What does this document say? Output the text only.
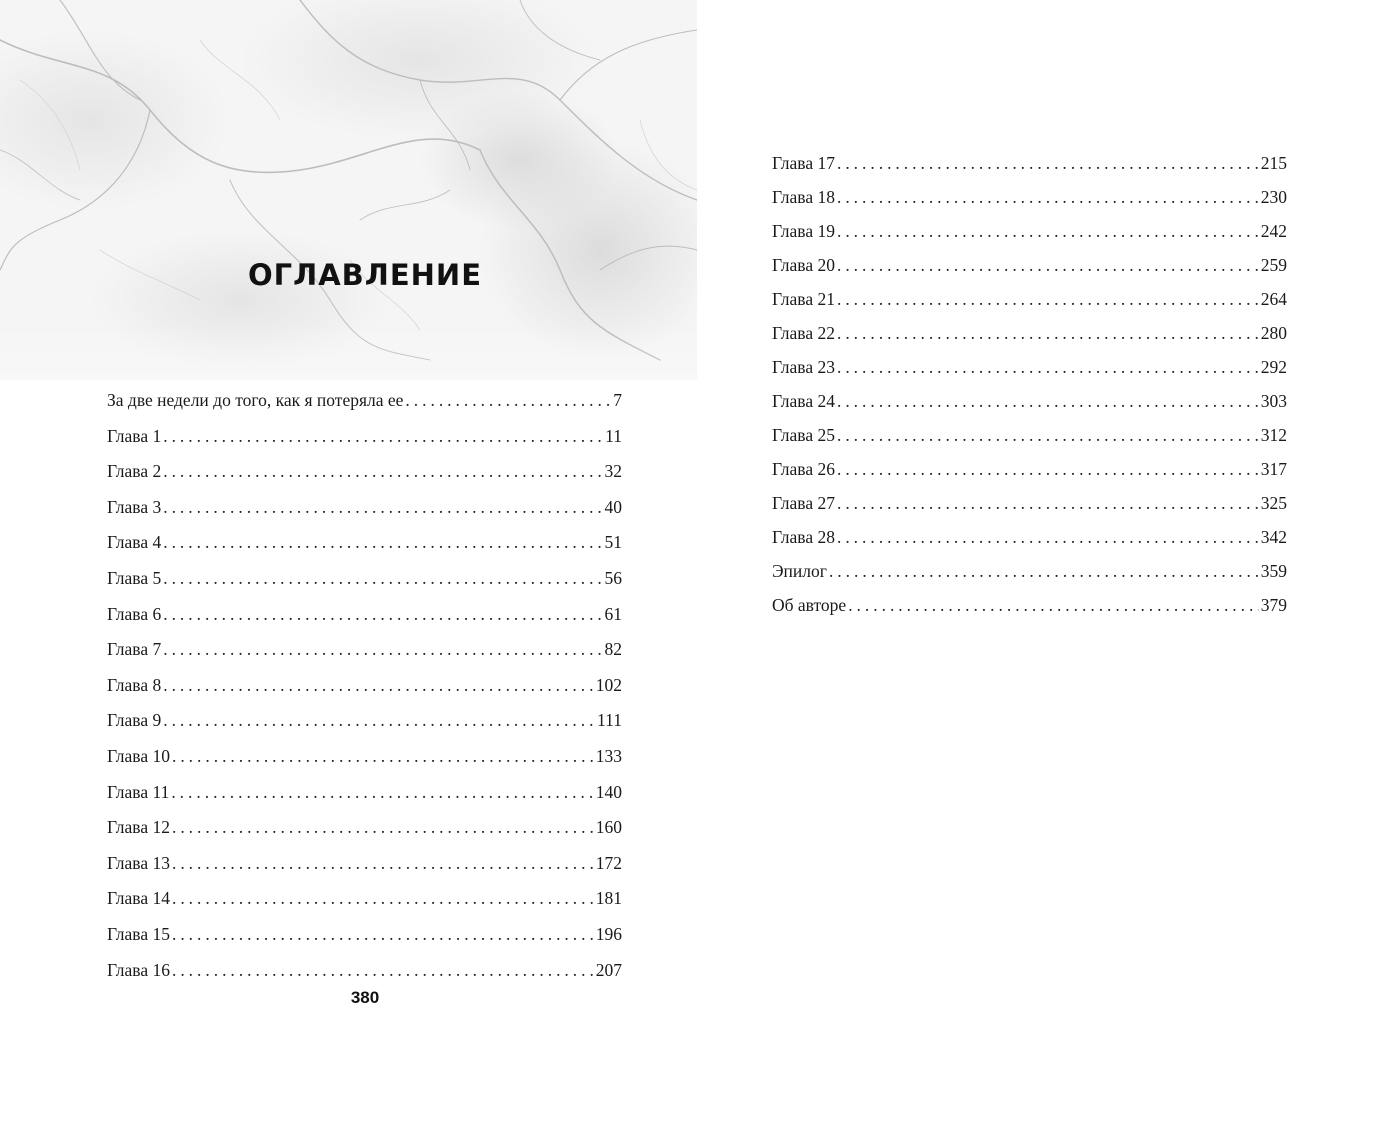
ОГЛАВЛЕНИЕ
За две недели до того, как я потеряла ее . . .	7
Глава 1 . . .	11
Глава 2 . . .	32
Глава 3 . . .	40
Глава 4 . . .	51
Глава 5 . . .	56
Глава 6 . . .	61
Глава 7 . . .	82
Глава 8 . . .	102
Глава 9 . . .	111
Глава 10 . . .	133
Глава 11 . . .	140
Глава 12 . . .	160
Глава 13 . . .	172
Глава 14 . . .	181
Глава 15 . . .	196
Глава 16 . . .	207
380
Глава 17 . . .	215
Глава 18 . . .	230
Глава 19 . . .	242
Глава 20 . . .	259
Глава 21 . . .	264
Глава 22 . . .	280
Глава 23 . . .	292
Глава 24 . . .	303
Глава 25 . . .	312
Глава 26 . . .	317
Глава 27 . . .	325
Глава 28 . . .	342
Эпилог . . .	359
Об авторе . . .	379
